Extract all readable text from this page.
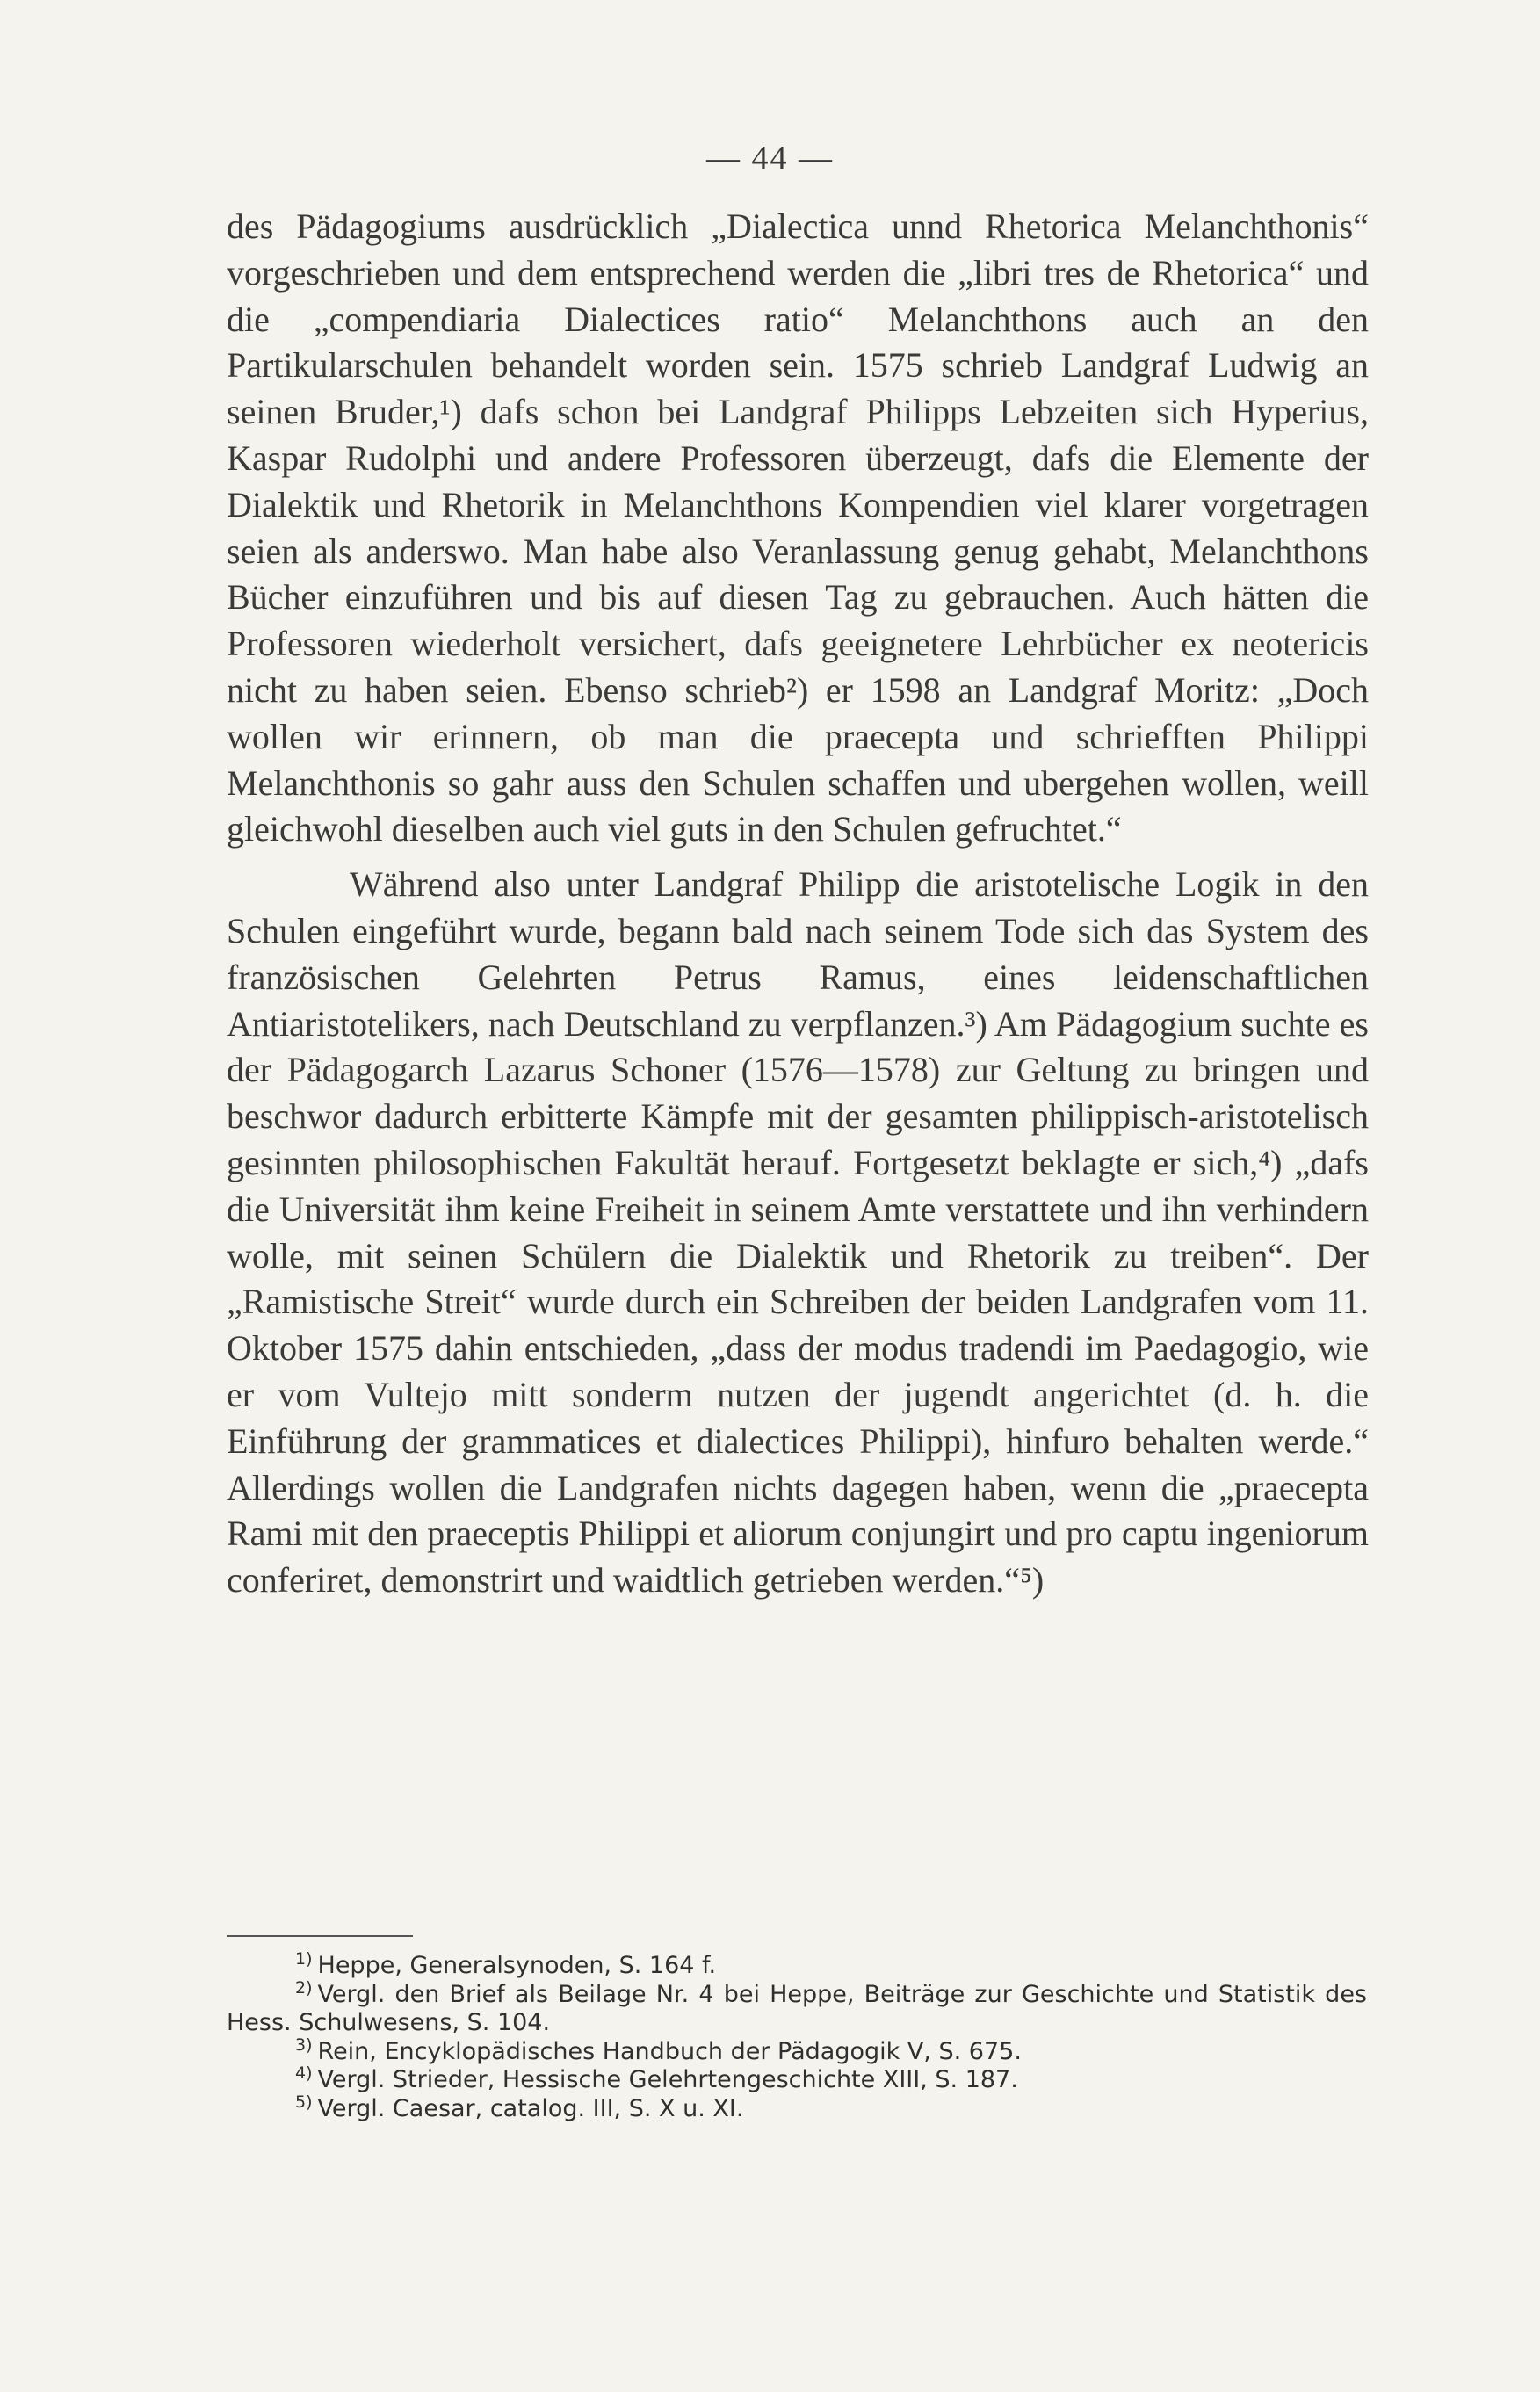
— 44 —

des Pädagogiums ausdrücklich „Dialectica unnd Rhetorica Melanchthonis“ vorgeschrieben und dem entsprechend werden die „libri tres de Rhetorica“ und die „compendiaria Dialectices ratio“ Melanchthons auch an den Partikularschulen behandelt worden sein. 1575 schrieb Landgraf Ludwig an seinen Bruder,¹) dafs schon bei Landgraf Philipps Lebzeiten sich Hyperius, Kaspar Rudolphi und andere Professoren überzeugt, dafs die Elemente der Dialektik und Rhetorik in Melanchthons Kompendien viel klarer vorgetragen seien als anderswo. Man habe also Veranlassung genug gehabt, Melanchthons Bücher einzuführen und bis auf diesen Tag zu gebrauchen. Auch hätten die Professoren wiederholt versichert, dafs geeignetere Lehrbücher ex neotericis nicht zu haben seien. Ebenso schrieb²) er 1598 an Landgraf Moritz: „Doch wollen wir erinnern, ob man die praecepta und schriefften Philippi Melanchthonis so gahr auss den Schulen schaffen und ubergehen wollen, weill gleichwohl dieselben auch viel guts in den Schulen gefruchtet.“

Während also unter Landgraf Philipp die aristotelische Logik in den Schulen eingeführt wurde, begann bald nach seinem Tode sich das System des französischen Gelehrten Petrus Ramus, eines leidenschaftlichen Antiaristotelikers, nach Deutschland zu verpflanzen.³) Am Pädagogium suchte es der Pädagogarch Lazarus Schoner (1576—1578) zur Geltung zu bringen und beschwor dadurch erbitterte Kämpfe mit der gesamten philippisch-aristotelisch gesinnten philosophischen Fakultät herauf. Fortgesetzt beklagte er sich,⁴) „dafs die Universität ihm keine Freiheit in seinem Amte verstattete und ihn verhindern wolle, mit seinen Schülern die Dialektik und Rhetorik zu treiben“. Der „Ramistische Streit“ wurde durch ein Schreiben der beiden Landgrafen vom 11. Oktober 1575 dahin entschieden, „dass der modus tradendi im Paedagogio, wie er vom Vultejo mitt sonderm nutzen der jugendt angerichtet (d. h. die Einführung der grammatices et dialectices Philippi), hinfuro behalten werde.“ Allerdings wollen die Landgrafen nichts dagegen haben, wenn die „praecepta Rami mit den praeceptis Philippi et aliorum conjungirt und pro captu ingeniorum conferiret, demonstrirt und waidtlich getrieben werden.“⁵)

$^{1)}$ Heppe, Generalsynoden, S. 164 f.

$^{2)}$ Vergl. den Brief als Beilage Nr. 4 bei Heppe, Beiträge zur Geschichte und Statistik des Hess. Schulwesens, S. 104.

$^{3)}$ Rein, Encyklopädisches Handbuch der Pädagogik V, S. 675.

$^{4)}$ Vergl. Strieder, Hessische Gelehrtengeschichte XIII, S. 187.

$^{5)}$ Vergl. Caesar, catalog. III, S. X u. XI.
